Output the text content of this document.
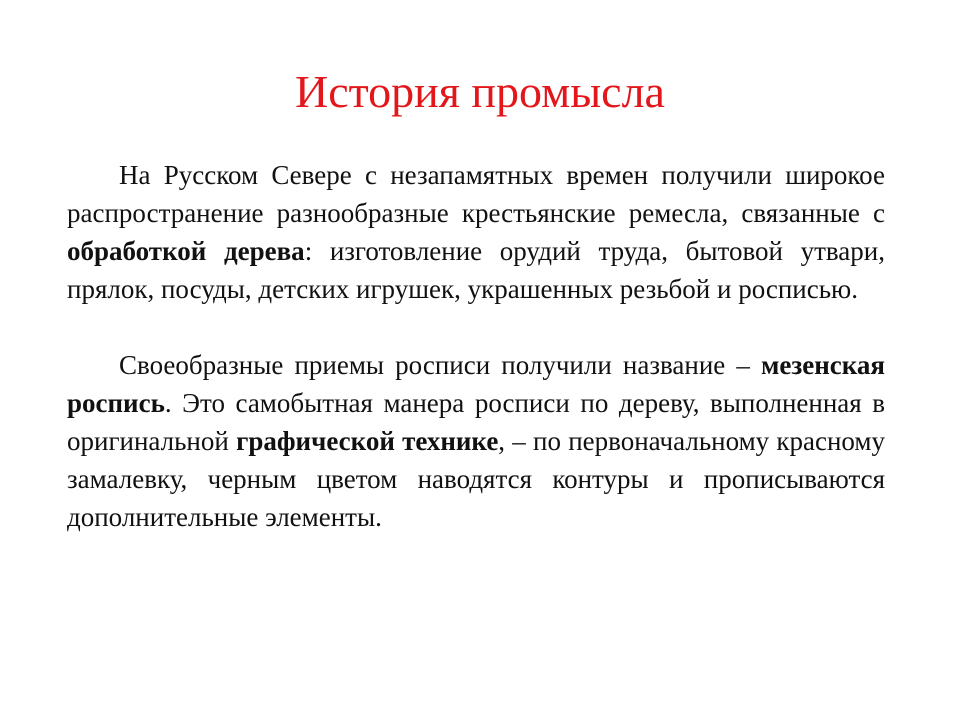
История промысла

На Русском Севере с незапамятных времен получили широкое распространение разнообразные крестьянские ремесла, связанные с обработкой дерева: изготовление орудий труда, бытовой утвари, прялок, посуды, детских игрушек, украшенных резьбой и росписью.

Своеобразные приемы росписи получили название – мезенская роспись. Это самобытная манера росписи по дереву, выполненная в оригинальной графической технике, – по первоначальному красному замалевку, черным цветом наводятся контуры и прописываются дополнительные элементы.
